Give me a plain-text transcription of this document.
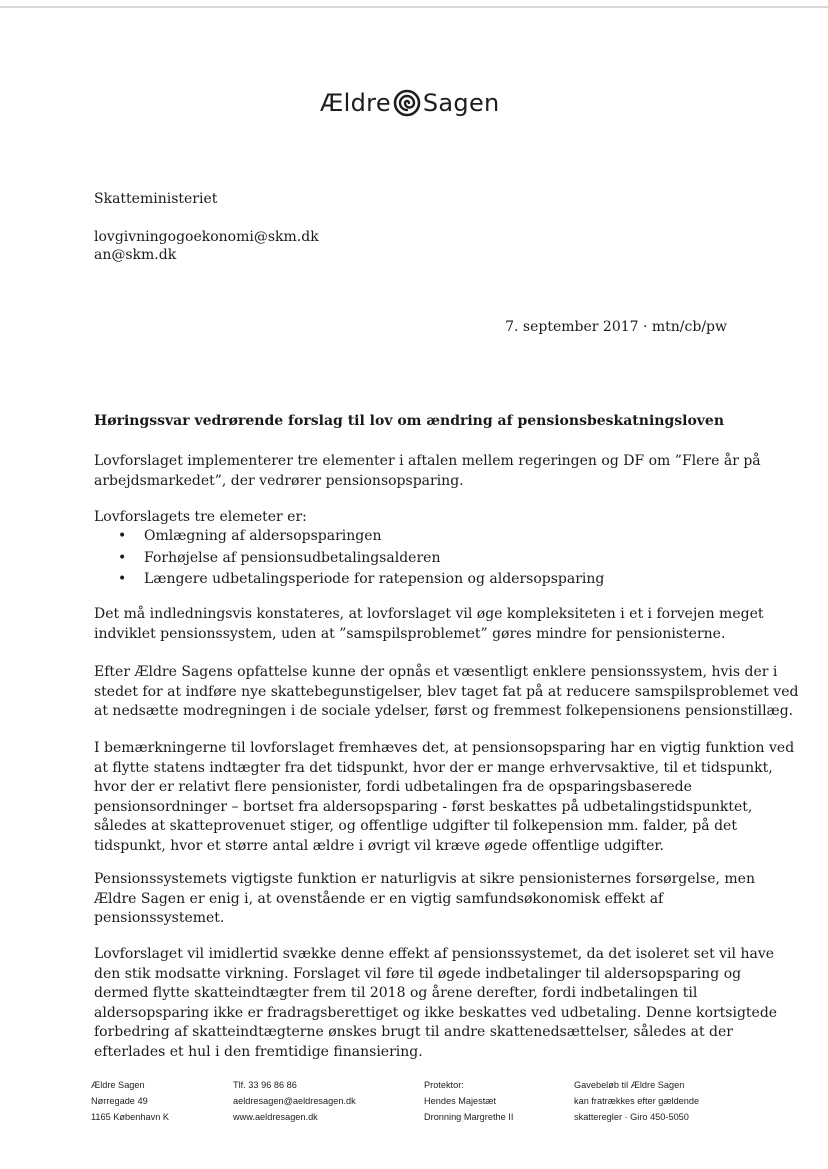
Ældre Sagen
Skatteministeriet
lovgivningogoekonomi@skm.dk
an@skm.dk
7. september 2017 · mtn/cb/pw
Høringssvar vedrørende forslag til lov om ændring af pensionsbeskatningsloven
Lovforslaget implementerer tre elementer i aftalen mellem regeringen og DF om ”Flere år på
arbejdsmarkedet”, der vedrører pensionsopsparing.
Lovforslagets tre elemeter er:
•	Omlægning af aldersopsparingen
•	Forhøjelse af pensionsudbetalingsalderen
•	Længere udbetalingsperiode for ratepension og aldersopsparing
Det må indledningsvis konstateres, at lovforslaget vil øge kompleksiteten i et i forvejen meget
indviklet pensionssystem, uden at ”samspilsproblemet” gøres mindre for pensionisterne.
Efter Ældre Sagens opfattelse kunne der opnås et væsentligt enklere pensionssystem, hvis der i
stedet for at indføre nye skattebegunstigelser, blev taget fat på at reducere samspilsproblemet ved
at nedsætte modregningen i de sociale ydelser, først og fremmest folkepensionens pensionstillæg.
I bemærkningerne til lovforslaget fremhæves det, at pensionsopsparing har en vigtig funktion ved
at flytte statens indtægter fra det tidspunkt, hvor der er mange erhvervsaktive, til et tidspunkt,
hvor der er relativt flere pensionister, fordi udbetalingen fra de opsparingsbaserede
pensionsordninger – bortset fra aldersopsparing - først beskattes på udbetalingstidspunktet,
således at skatteprovenuet stiger, og offentlige udgifter til folkepension mm. falder, på det
tidspunkt, hvor et større antal ældre i øvrigt vil kræve øgede offentlige udgifter.
Pensionssystemets vigtigste funktion er naturligvis at sikre pensionisternes forsørgelse, men
Ældre Sagen er enig i, at ovenstående er en vigtig samfundsøkonomisk effekt af
pensionssystemet.
Lovforslaget vil imidlertid svække denne effekt af pensionssystemet, da det isoleret set vil have
den stik modsatte virkning. Forslaget vil føre til øgede indbetalinger til aldersopsparing og
dermed flytte skatteindtægter frem til 2018 og årene derefter, fordi indbetalingen til
aldersopsparing ikke er fradragsberettiget og ikke beskattes ved udbetaling. Denne kortsigtede
forbedring af skatteindtægterne ønskes brugt til andre skattenedsættelser, således at der
efterlades et hul i den fremtidige finansiering.
Ældre Sagen
Nørregade 49
1165 København K
Tlf. 33 96 86 86
aeldresagen@aeldresagen.dk
www.aeldresagen.dk
Protektor:
Hendes Majestæt
Dronning Margrethe II
Gavebeløb til Ældre Sagen
kan fratrækkes efter gældende
skatteregler · Giro 450-5050
